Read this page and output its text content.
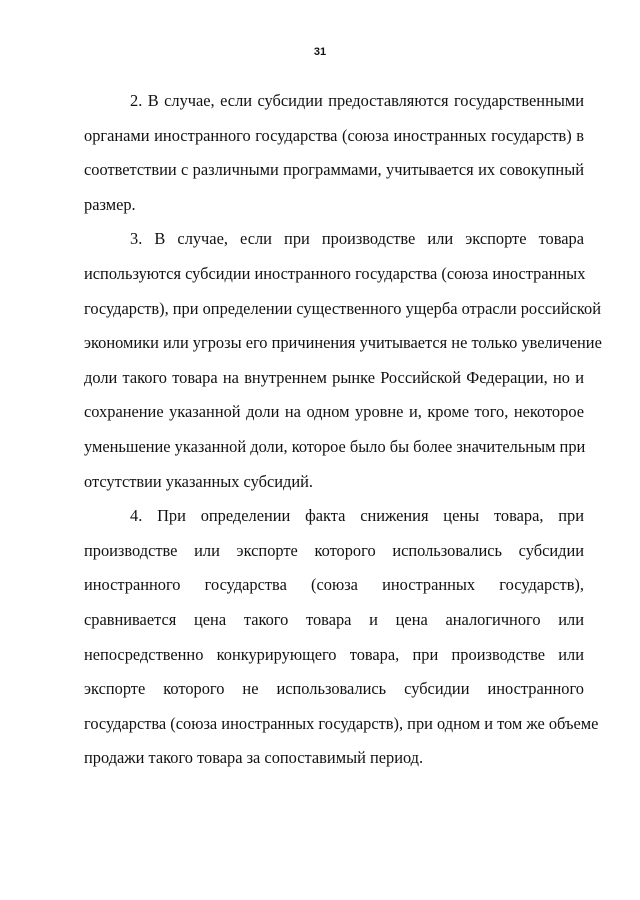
31

2. В случае, если субсидии предоставляются государственными
органами иностранного государства (союза иностранных государств) в
соответствии с различными программами, учитывается их совокупный
размер.

3. В случае, если при производстве или экспорте товара
используются субсидии иностранного государства (союза иностранных
государств), при определении существенного ущерба отрасли российской
экономики или угрозы его причинения учитывается не только увеличение
доли такого товара на внутреннем рынке Российской Федерации, но и
сохранение указанной доли на одном уровне и, кроме того, некоторое
уменьшение указанной доли, которое было бы более значительным при
отсутствии указанных субсидий.

4. При определении факта снижения цены товара, при
производстве или экспорте которого использовались субсидии
иностранного государства (союза иностранных государств),
сравнивается цена такого товара и цена аналогичного или
непосредственно конкурирующего товара, при производстве или
экспорте которого не использовались субсидии иностранного
государства (союза иностранных государств), при одном и том же объеме
продажи такого товара за сопоставимый период.
